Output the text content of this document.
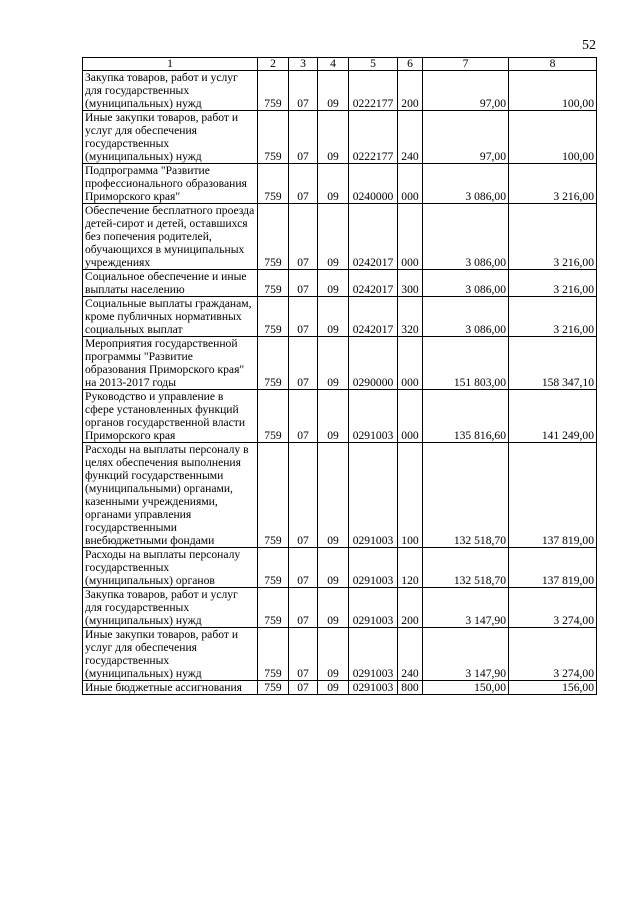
52
1	2	3	4	5	6	7	8
Закупка товаров, работ и услуг для государственных (муниципальных) нужд	759	07	09	0222177	200	97,00	100,00
Иные закупки товаров, работ и услуг для обеспечения государственных (муниципальных) нужд	759	07	09	0222177	240	97,00	100,00
Подпрограмма "Развитие профессионального образования Приморского края"	759	07	09	0240000	000	3 086,00	3 216,00
Обеспечение бесплатного проезда детей-сирот и детей, оставшихся без попечения родителей, обучающихся в муниципальных учреждениях	759	07	09	0242017	000	3 086,00	3 216,00
Социальное обеспечение и иные выплаты населению	759	07	09	0242017	300	3 086,00	3 216,00
Социальные выплаты гражданам, кроме публичных нормативных социальных выплат	759	07	09	0242017	320	3 086,00	3 216,00
Мероприятия государственной программы "Развитие образования Приморского края" на 2013-2017 годы	759	07	09	0290000	000	151 803,00	158 347,10
Руководство и управление в сфере установленных функций органов государственной власти Приморского края	759	07	09	0291003	000	135 816,60	141 249,00
Расходы на выплаты персоналу в целях обеспечения выполнения функций государственными (муниципальными) органами, казенными учреждениями, органами управления государственными внебюджетными фондами	759	07	09	0291003	100	132 518,70	137 819,00
Расходы на выплаты персоналу государственных (муниципальных) органов	759	07	09	0291003	120	132 518,70	137 819,00
Закупка товаров, работ и услуг для государственных (муниципальных) нужд	759	07	09	0291003	200	3 147,90	3 274,00
Иные закупки товаров, работ и услуг для обеспечения государственных (муниципальных) нужд	759	07	09	0291003	240	3 147,90	3 274,00
Иные бюджетные ассигнования	759	07	09	0291003	800	150,00	156,00
